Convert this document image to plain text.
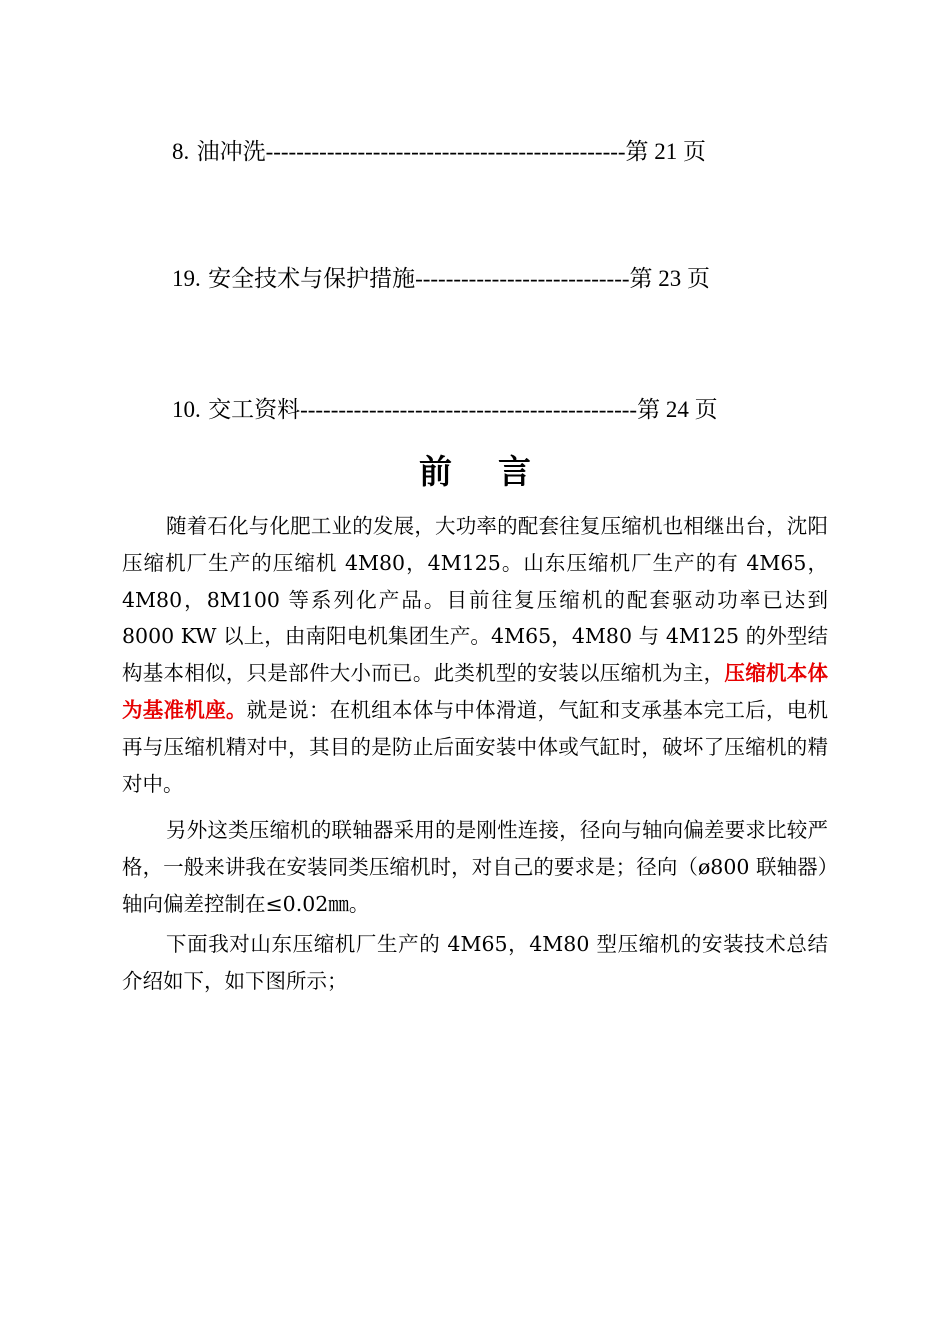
8. 油冲洗-----------------------------------------------第 21 页
19. 安全技术与保护措施----------------------------第 23 页
10. 交工资料--------------------------------------------第 24 页
前言

随着石化与化肥工业的发展，大功率的配套往复压缩机也相继出台，沈阳压缩机厂生产的压缩机 4M80，4M125。山东压缩机厂生产的有 4M65，4M80，8M100 等系列化产品。目前往复压缩机的配套驱动功率已达到 8000 KW 以上，由南阳电机集团生产。4M65，4M80 与 4M125 的外型结构基本相似，只是部件大小而已。此类机型的安装以压缩机为主，压缩机本体为基准机座。就是说：在机组本体与中体滑道，气缸和支承基本完工后，电机再与压缩机精对中，其目的是防止后面安装中体或气缸时，破坏了压缩机的精对中。

另外这类压缩机的联轴器采用的是刚性连接，径向与轴向偏差要求比较严格，一般来讲我在安装同类压缩机时，对自己的要求是；径向（ø800 联轴器）轴向偏差控制在≤0.02㎜。

下面我对山东压缩机厂生产的 4M65，4M80 型压缩机的安装技术总结介绍如下，如下图所示；
